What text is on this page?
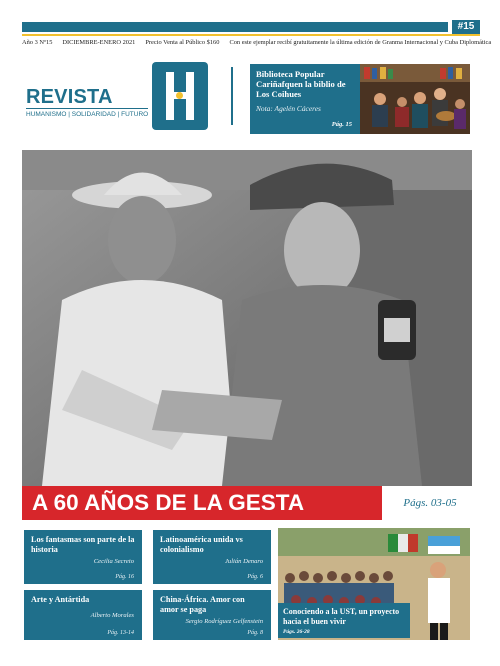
#15
Año 3 Nº15 DICIEMBRE-ENERO 2021 Precio Venta al Público $160 Con este ejemplar recibí gratuitamente la última edición de Granma Internacional y Cuba Diplomática
REVISTA
HUMANISMO | SOLIDARIDAD | FUTURO
Biblioteca Popular Cariñafquen la biblio de Los Coihues
Nota: Agelén Cáceres
Pág. 15
A 60 AÑOS DE LA GESTA	Págs. 03-05
Los fantasmas son parte de la historia
Cecilia Secreto
Pág. 16
Latinoamérica unida vs colonialismo
Julián Denaro
Pág. 6
Arte y Antártida
Alberto Morales
Pág. 13-14
China-África. Amor con amor se paga
Sergio Rodríguez Gelfenstein
Pág. 8
Conociendo a la UST, un proyecto hacia el buen vivir
Págs. 26-28
